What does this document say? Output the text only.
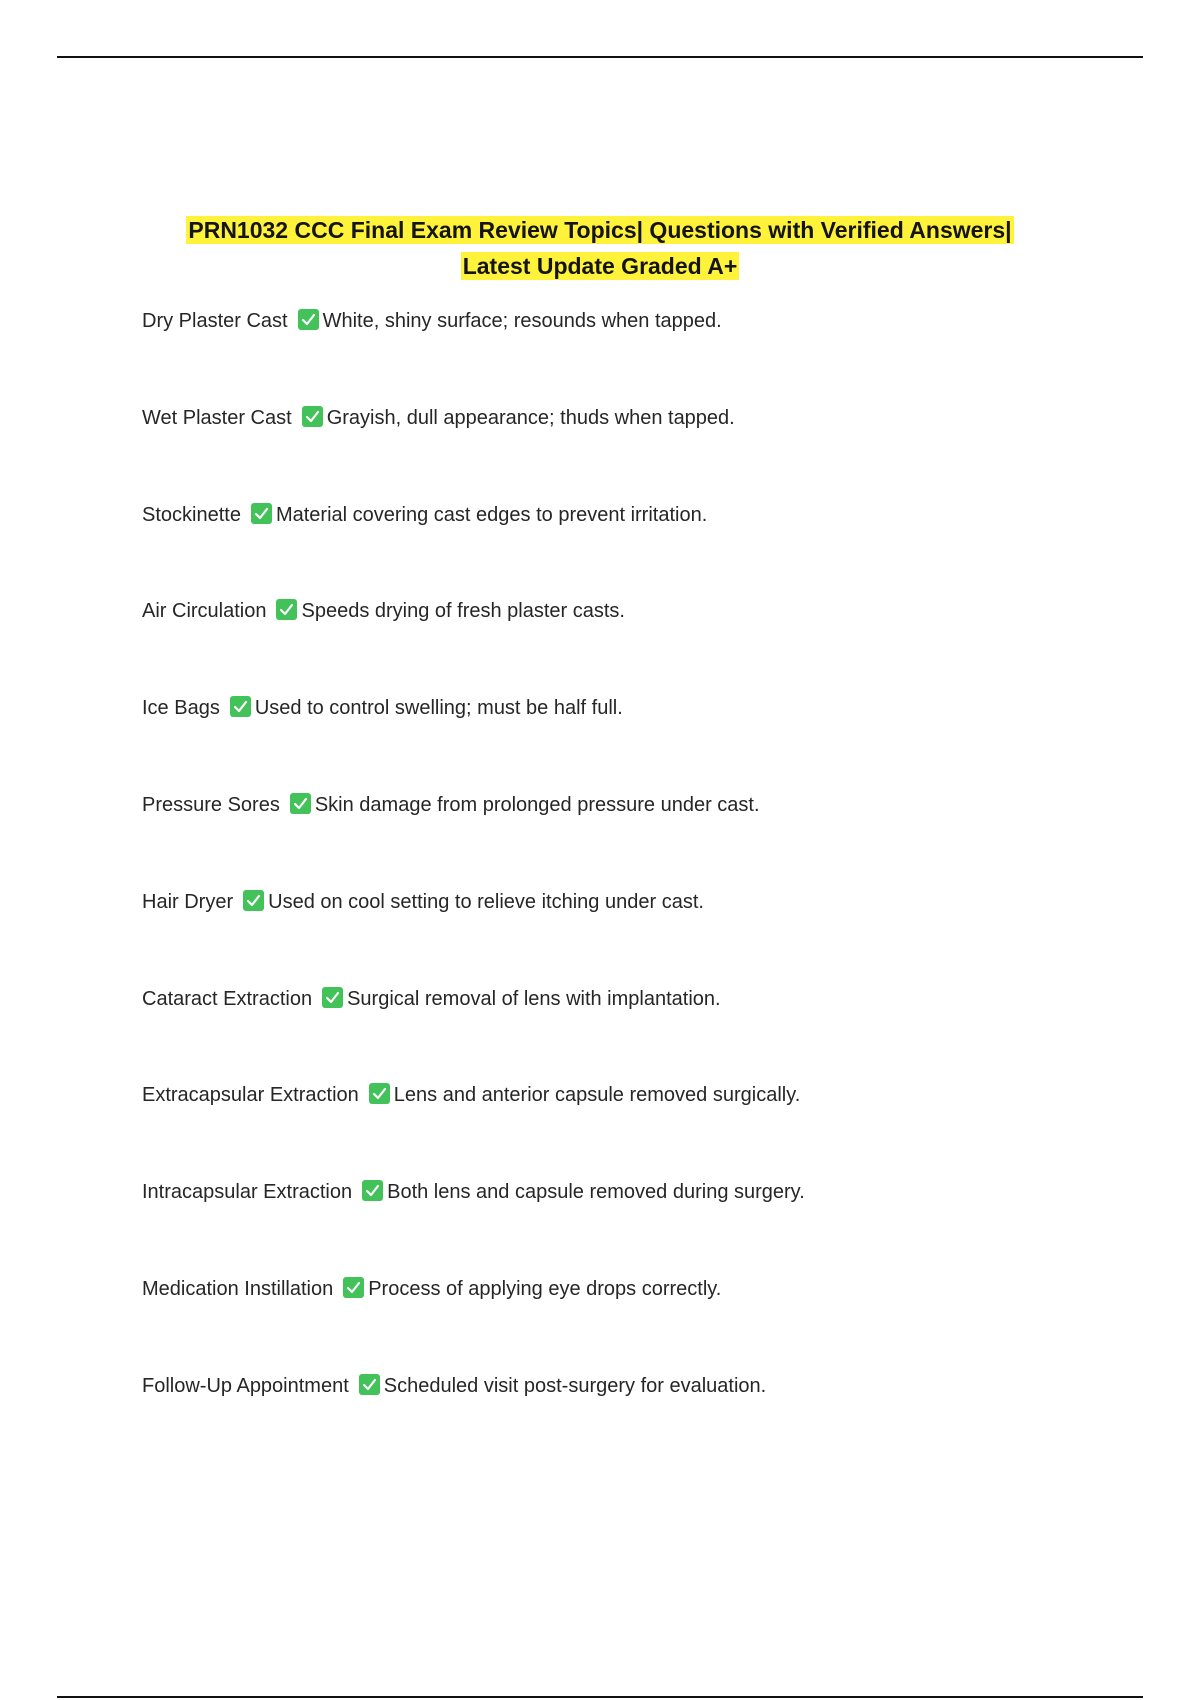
PRN1032 CCC Final Exam Review Topics| Questions with Verified Answers|
Latest Update Graded A+
Dry Plaster Cast White, shiny surface; resounds when tapped.
Wet Plaster Cast Grayish, dull appearance; thuds when tapped.
Stockinette Material covering cast edges to prevent irritation.
Air Circulation Speeds drying of fresh plaster casts.
Ice Bags Used to control swelling; must be half full.
Pressure Sores Skin damage from prolonged pressure under cast.
Hair Dryer Used on cool setting to relieve itching under cast.
Cataract Extraction Surgical removal of lens with implantation.
Extracapsular Extraction Lens and anterior capsule removed surgically.
Intracapsular Extraction Both lens and capsule removed during surgery.
Medication Instillation Process of applying eye drops correctly.
Follow-Up Appointment Scheduled visit post-surgery for evaluation.
